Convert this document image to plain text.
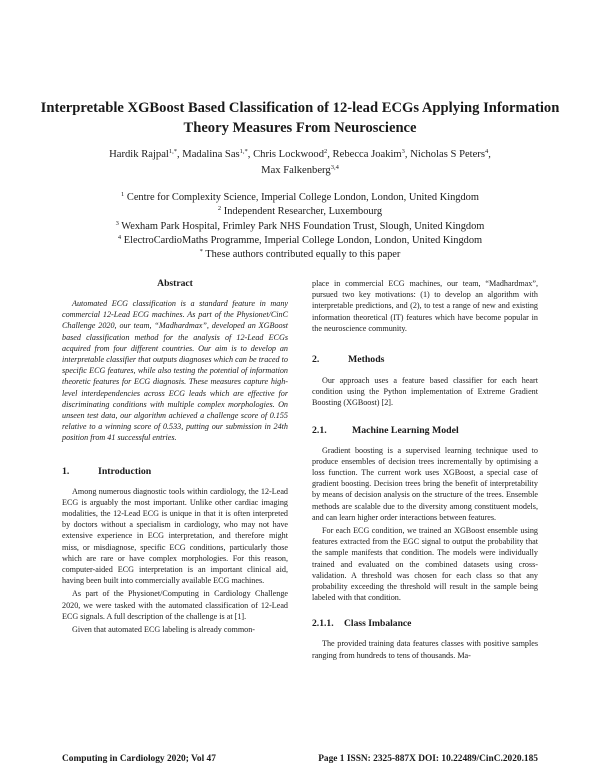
Interpretable XGBoost Based Classification of 12-lead ECGs Applying Information Theory Measures From Neuroscience
Hardik Rajpal$^{1,*}$, Madalina Sas$^{1,*}$, Chris Lockwood$^2$, Rebecca Joakim$^3$, Nicholas S Peters$^4$,
Max Falkenberg$^{3,4}$
$^1$ Centre for Complexity Science, Imperial College London, London, United Kingdom
$^2$ Independent Researcher, Luxembourg
$^3$ Wexham Park Hospital, Frimley Park NHS Foundation Trust, Slough, United Kingdom
$^4$ ElectroCardioMaths Programme, Imperial College London, London, United Kingdom
* These authors contributed equally to this paper
Abstract

Automated ECG classification is a standard feature in many commercial 12-Lead ECG machines. As part of the Physionet/CinC Challenge 2020, our team, “Madhardmax”, developed an XGBoost based classification method for the analysis of 12-Lead ECGs acquired from four different countries. Our aim is to develop an interpretable classifier that outputs diagnoses which can be traced to specific ECG features, while also testing the potential of information theoretic features for ECG diagnosis. These measures capture high-level interdependencies across ECG leads which are effective for discriminating conditions with multiple complex morphologies. On unseen test data, our algorithm achieved a challenge score of 0.155 relative to a winning score of 0.533, putting our submission in 24th position from 41 successful entries.

1.	Introduction

Among numerous diagnostic tools within cardiology, the 12-Lead ECG is arguably the most important. Unlike other cardiac imaging modalities, the 12-Lead ECG is unique in that it is often interpreted by doctors without a specialism in cardiology, who may not have extensive experience in ECG interpretation, and therefore might miss, or misdiagnose, specific ECG conditions, particularly those which are rare or have complex morphologies. For this reason, computer-aided ECG interpretation is an important clinical aid, having been built into commercially available ECG machines.

As part of the Physionet/Computing in Cardiology Challenge 2020, we were tasked with the automated classification of 12-Lead ECG signals. A full description of the challenge is at [1].

Given that automated ECG labeling is already common-

place in commercial ECG machines, our team, “Madhardmax”, pursued two key motivations: (1) to develop an algorithm with interpretable predictions, and (2), to test a range of new and existing information theoretical (IT) features which have become popular in the neuroscience community.

2.	Methods

Our approach uses a feature based classifier for each heart condition using the Python implementation of Extreme Gradient Boosting (XGBoost) [2].

2.1.	Machine Learning Model

Gradient boosting is a supervised learning technique used to produce ensembles of decision trees incrementally by optimising a loss function. The current work uses XGBoost, a special case of gradient boosting. Decision trees bring the benefit of interpretability by means of decision analysis on the structure of the trees. Ensemble methods are scalable due to the diversity among constituent models, and can learn higher order interactions between features.

For each ECG condition, we trained an XGBoost ensemble using features extracted from the EGC signal to output the probability that the sample manifests that condition. The models were individually trained and evaluated on the combined datasets using cross-validation. A threshold was chosen for each class so that any probability exceeding the threshold will result in the sample being labeled with that condition.

2.1.1.	Class Imbalance

The provided training data features classes with positive samples ranging from hundreds to tens of thousands. Ma-

Computing in Cardiology 2020; Vol 47	Page 1 ISSN: 2325-887X DOI: 10.22489/CinC.2020.185
